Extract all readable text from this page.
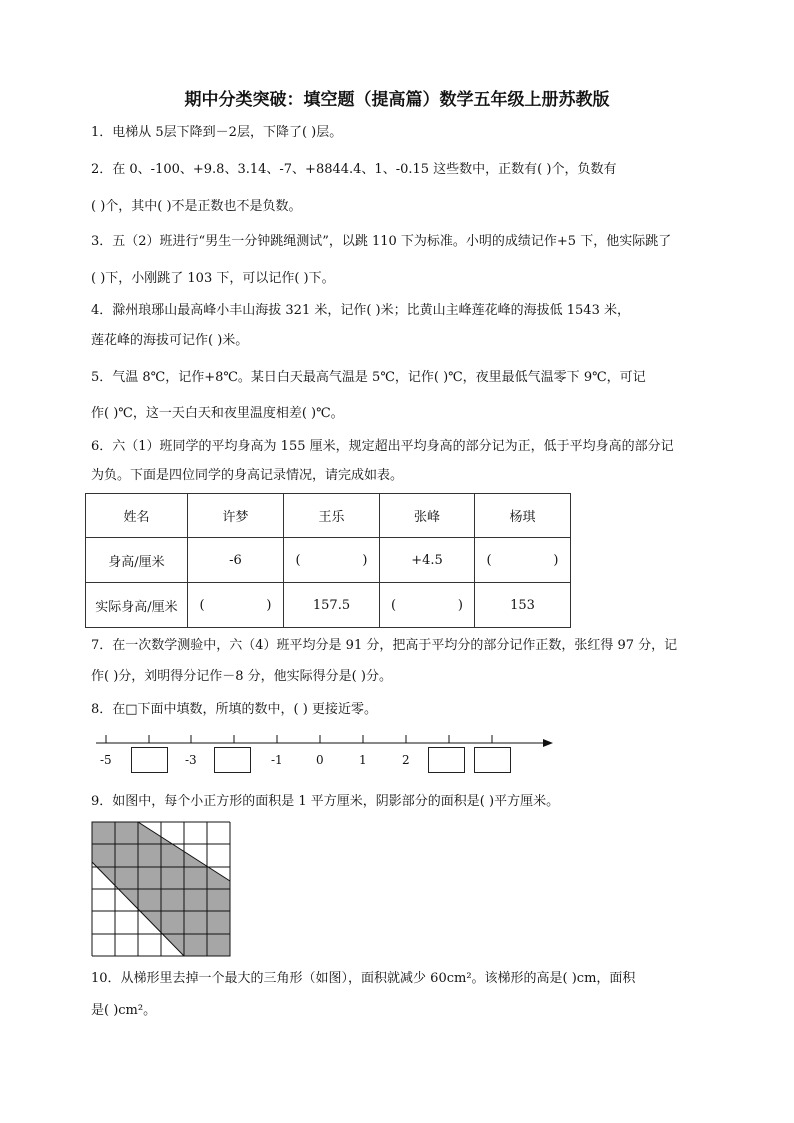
期中分类突破：填空题（提高篇）数学五年级上册苏教版
1．电梯从 5层下降到－2层，下降了( )层。
2．在 0、-100、+9.8、3.14、-7、+8844.4、1、-0.15 这些数中，正数有( )个，负数有
( )个，其中( )不是正数也不是负数。
3．五（2）班进行“男生一分钟跳绳测试”，以跳 110 下为标准。小明的成绩记作+5 下，他实际跳了
( )下，小刚跳了 103 下，可以记作( )下。
4．滁州琅琊山最高峰小丰山海拔 321 米，记作( )米；比黄山主峰莲花峰的海拔低 1543 米，
莲花峰的海拔可记作( )米。
5．气温 8℃，记作+8℃。某日白天最高气温是 5℃，记作( )℃，夜里最低气温零下 9℃，可记
作( )℃，这一天白天和夜里温度相差( )℃。
6．六（1）班同学的平均身高为 155 厘米，规定超出平均身高的部分记为正，低于平均身高的部分记
为负。下面是四位同学的身高记录情况，请完成如表。
姓名	许梦	王乐	张峰	杨琪
身高/厘米	-6	( )	+4.5	( )

实际身高/厘米	( )	157.5	( )	153
7．在一次数学测验中，六（4）班平均分是 91 分，把高于平均分的部分记作正数，张红得 97 分，记
作( )分，刘明得分记作－8 分，他实际得分是( )分。
8．在□下面中填数，所填的数中，( ) 更接近零。
-5	-3	-1	0	1	2
9．如图中，每个小正方形的面积是 1 平方厘米，阴影部分的面积是( )平方厘米。
10．从梯形里去掉一个最大的三角形（如图），面积就减少 60cm²。该梯形的高是( )cm，面积
是( )cm²。
